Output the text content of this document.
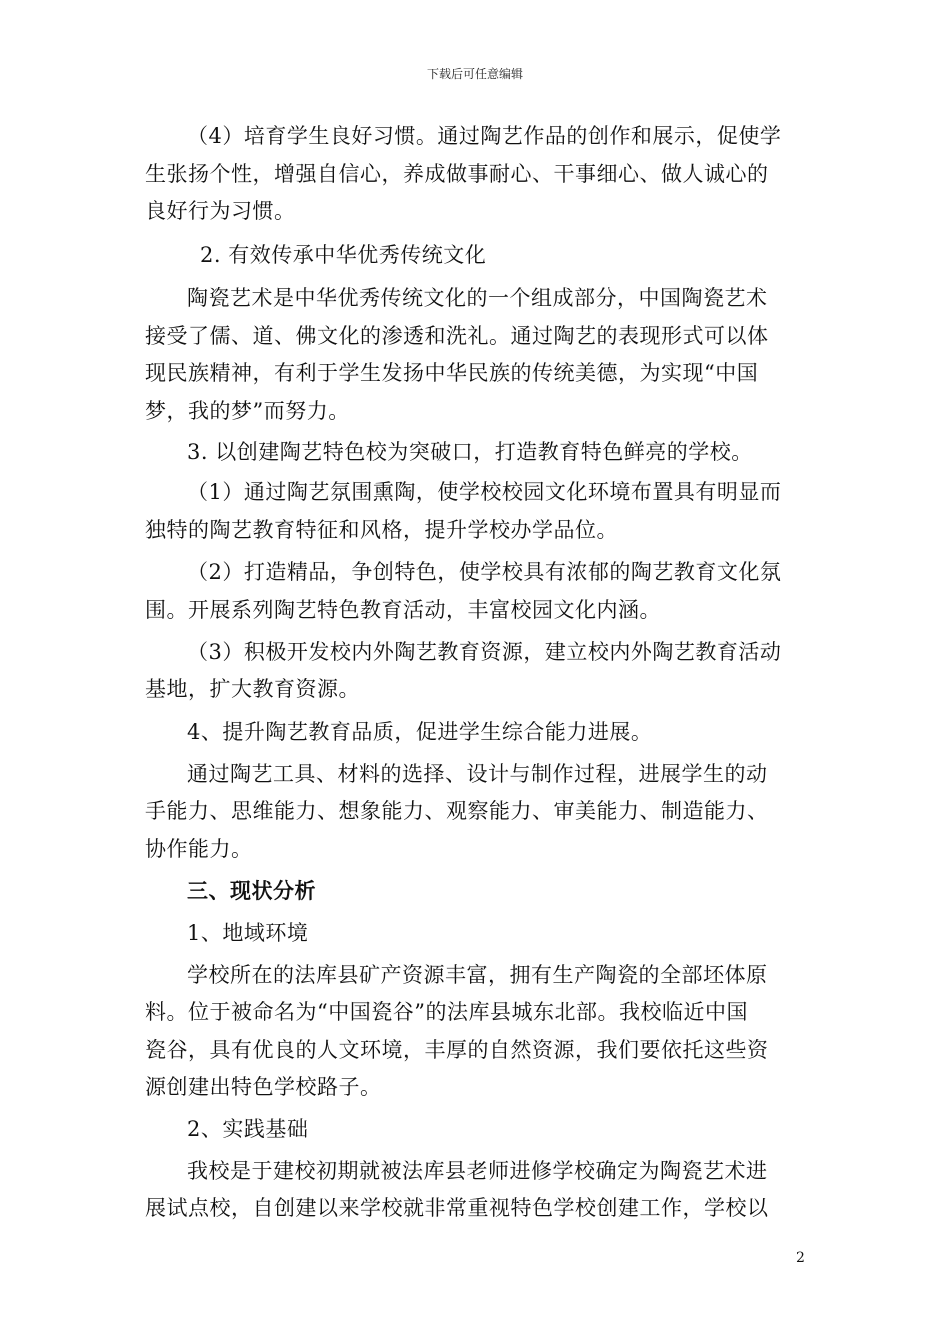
下载后可任意编辑
（4）培育学生良好习惯。通过陶艺作品的创作和展示，促使学
生张扬个性，增强自信心，养成做事耐心、干事细心、做人诚心的
良好行为习惯。
2. 有效传承中华优秀传统文化
陶瓷艺术是中华优秀传统文化的一个组成部分，中国陶瓷艺术
接受了儒、道、佛文化的渗透和洗礼。通过陶艺的表现形式可以体
现民族精神，有利于学生发扬中华民族的传统美德，为实现“中国
梦，我的梦”而努力。
3. 以创建陶艺特色校为突破口，打造教育特色鲜亮的学校。
（1）通过陶艺氛围熏陶，使学校校园文化环境布置具有明显而
独特的陶艺教育特征和风格，提升学校办学品位。
（2）打造精品，争创特色，使学校具有浓郁的陶艺教育文化氛
围。开展系列陶艺特色教育活动，丰富校园文化内涵。
（3）积极开发校内外陶艺教育资源，建立校内外陶艺教育活动
基地，扩大教育资源。
4、提升陶艺教育品质，促进学生综合能力进展。
通过陶艺工具、材料的选择、设计与制作过程，进展学生的动
手能力、思维能力、想象能力、观察能力、审美能力、制造能力、
协作能力。
三、现状分析
1、地域环境
学校所在的法库县矿产资源丰富，拥有生产陶瓷的全部坯体原
料。位于被命名为“中国瓷谷”的法库县城东北部。我校临近中国
瓷谷，具有优良的人文环境，丰厚的自然资源，我们要依托这些资
源创建出特色学校路子。
2、实践基础
我校是于建校初期就被法库县老师进修学校确定为陶瓷艺术进
展试点校，自创建以来学校就非常重视特色学校创建工作，学校以
2
